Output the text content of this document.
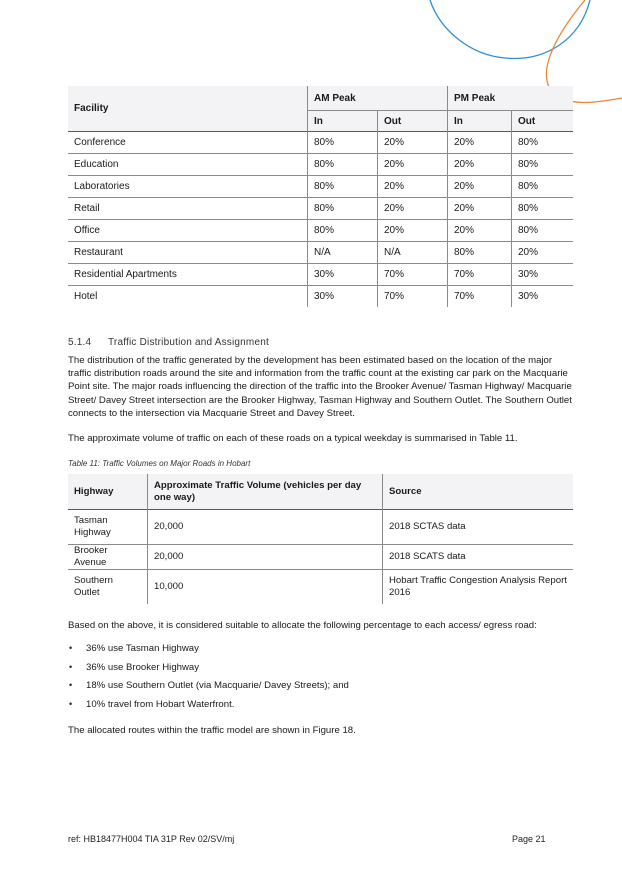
Facility	AM Peak		PM Peak	
	In	Out	In	Out
Conference	80%	20%	20%	80%
Education	80%	20%	20%	80%
Laboratories	80%	20%	20%	80%
Retail	80%	20%	20%	80%
Office	80%	20%	20%	80%
Restaurant	N/A	N/A	80%	20%
Residential Apartments	30%	70%	70%	30%
Hotel	30%	70%	70%	30%
5.1.4 Traffic Distribution and Assignment
The distribution of the traffic generated by the development has been estimated based on the location of the major traffic distribution roads around the site and information from the traffic count at the existing car park on the Macquarie Point site. The major roads influencing the direction of the traffic into the Brooker Avenue/ Tasman Highway/ Macquarie Street/ Davey Street intersection are the Brooker Highway, Tasman Highway and Southern Outlet. The Southern Outlet connects to the intersection via Macquarie Street and Davey Street.
The approximate volume of traffic on each of these roads on a typical weekday is summarised in Table 11.
Table 11: Traffic Volumes on Major Roads in Hobart
Highway	Approximate Traffic Volume (vehicles per day one way)	Source
Tasman Highway	20,000	2018 SCTAS data
Brooker Avenue	20,000	2018 SCATS data
Southern Outlet	10,000	Hobart Traffic Congestion Analysis Report 2016
Based on the above, it is considered suitable to allocate the following percentage to each access/ egress road:
• 36% use Tasman Highway
• 36% use Brooker Highway
• 18% use Southern Outlet (via Macquarie/ Davey Streets); and
• 10% travel from Hobart Waterfront.
The allocated routes within the traffic model are shown in Figure 18.
ref: HB18477H004 TIA 31P Rev 02/SV/mj	Page 21
